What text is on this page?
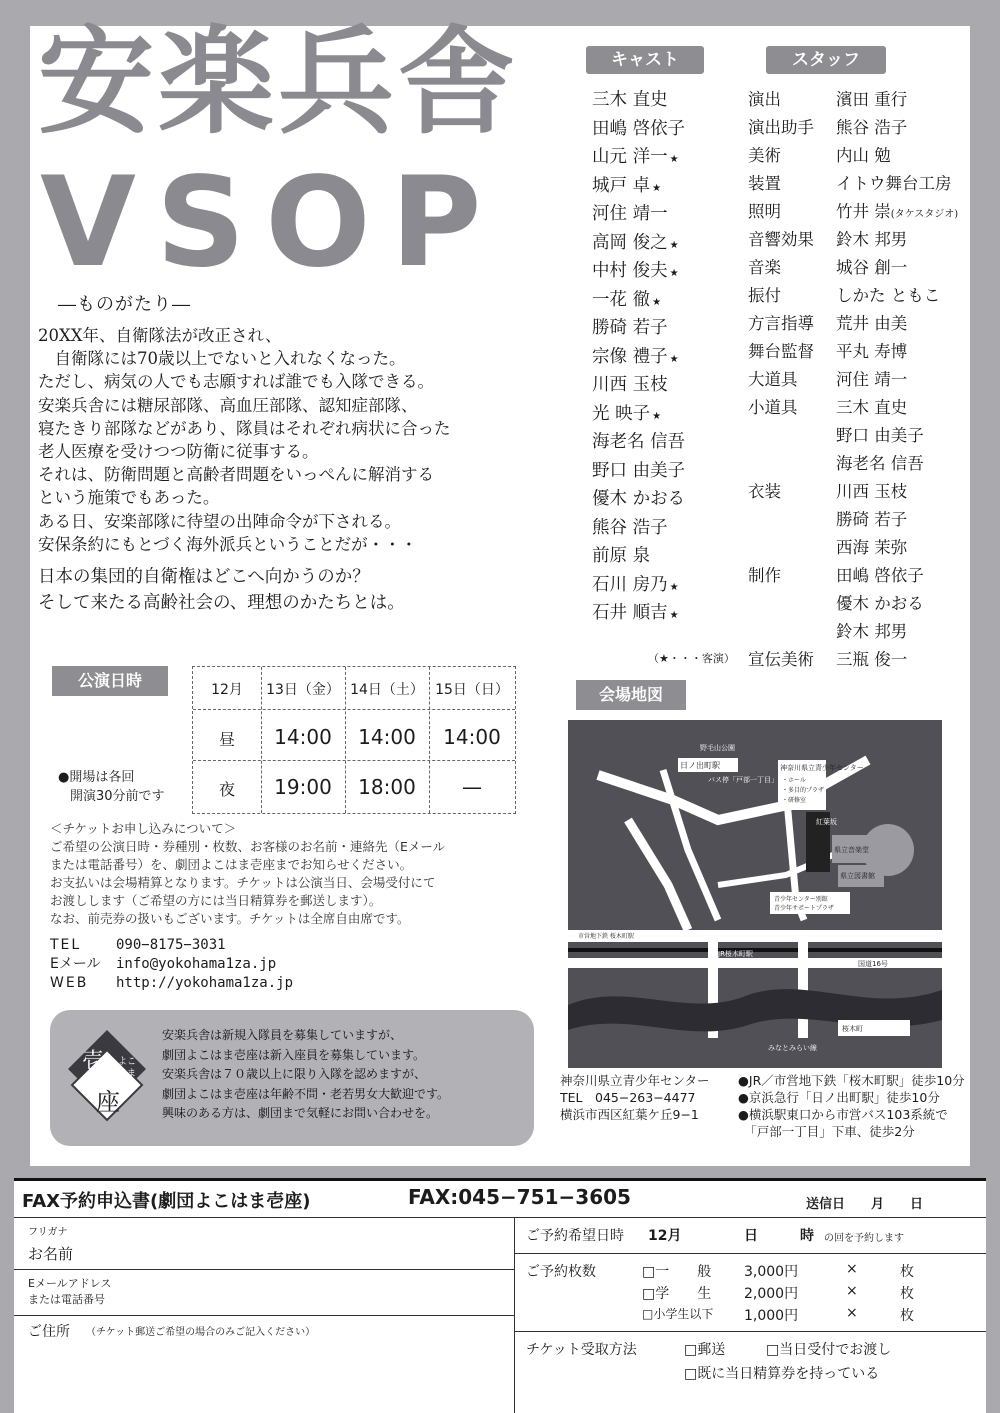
安楽兵舎
VSOP
―ものがたり―
20XX年、自衛隊法が改正され、
　自衛隊には70歳以上でないと入れなくなった。
ただし、病気の人でも志願すれば誰でも入隊できる。
安楽兵舎には糖尿部隊、高血圧部隊、認知症部隊、
寝たきり部隊などがあり、隊員はそれぞれ病状に合った
老人医療を受けつつ防衛に従事する。
それは、防衛問題と高齢者問題をいっぺんに解消する
という施策でもあった。
ある日、安楽部隊に待望の出陣命令が下される。
安保条約にもとづく海外派兵ということだが・・・
日本の集団的自衛権はどこへ向かうのか？
そして来たる高齢社会の、理想のかたちとは。
キャスト
三木 直史
田嶋 啓依子
山元 洋一 ★
城戸 卓 ★
河住 靖一
高岡 俊之 ★
中村 俊夫 ★
一花 徹 ★
勝碕 若子
宗像 禮子 ★
川西 玉枝
光 映子 ★
海老名 信吾
野口 由美子
優木 かおる
熊谷 浩子
前原 泉
石川 房乃 ★
石井 順吉 ★
（★・・・客演）
スタッフ
演出	濱田 重行
演出助手 熊谷 浩子
美術	内山 勉
装置	イトウ舞台工房
照明	竹井 崇(タケスタジオ)
音響効果 鈴木 邦男
音楽	城谷 創一
振付	しかた ともこ
方言指導 荒井 由美
舞台監督 平丸 寿博
大道具 河住 靖一
小道具 三木 直史
野口 由美子
海老名 信吾
衣装	川西 玉枝
勝碕 若子
西海 茉弥
制作	田嶋 啓依子
優木 かおる
鈴木 邦男
宣伝美術 三瓶 俊一
公演日時	12月	13日（金） 14日（土） 15日（日）
昼	14:00	14:00	14:00
夜	19:00	18:00	—
●開場は各回
開演30分前です
＜チケットお申し込みについて＞
ご希望の公演日時・券種別・枚数、お客様のお名前・連絡先（Eメール
または電話番号）を、劇団よこはま壱座までお知らせください。
お支払いは会場精算となります。チケットは公演当日、会場受付にて
お渡しします（ご希望の方には当日精算券を郵送します）。
なお、前売券の扱いもございます。チケットは全席自由席です。
TEL 090−8175−3031
Eメール info@yokohama1za.jp
WEB http://yokohama1za.jp
壱
座
よこ
はま
安楽兵舎は新規入隊員を募集していますが、
劇団よこはま壱座は新入座員を募集しています。
安楽兵舎は７０歳以上に限り入隊を認めますが、
劇団よこはま壱座は年齢不問・老若男女大歓迎です。
興味のある方は、劇団まで気軽にお問い合わせを。
会場地図
日ノ出町駅
野毛山公園
神奈川県立青少年センター
・ホール
・多目的プラザ
・研修室
バス停「戸部一丁目」
県立音楽堂
県立図書館
青少年センター別館
青少年サポートプラザ
国道16号
JR桜木町駅
市営地下鉄 桜木町駅
みなとみらい線
桜木町
紅葉坂
神奈川県立青少年センター
TEL　045−263−4477
横浜市西区紅葉ケ丘9−1
●JR／市営地下鉄「桜木町駅」徒歩10分
●京浜急行「日ノ出町駅」徒歩10分
●横浜駅東口から市営バス103系統で
　「戸部一丁目」下車、徒歩2分
FAX予約申込書(劇団よこはま壱座)	FAX:045−751−3605	送信日　　月　　日
フリガナ
お名前
Eメールアドレス
または電話番号
ご住所 （チケット郵送ご希望の場合のみご記入ください）
ご予約希望日時 12月	日	時 の回を予約します
ご予約枚数	□一　　般 3,000円	×	枚
□学　　生 2,000円	×	枚
□小学生以下 1,000円	×	枚
チケット受取方法	□郵送	□当日受付でお渡し
□既に当日精算券を持っている
